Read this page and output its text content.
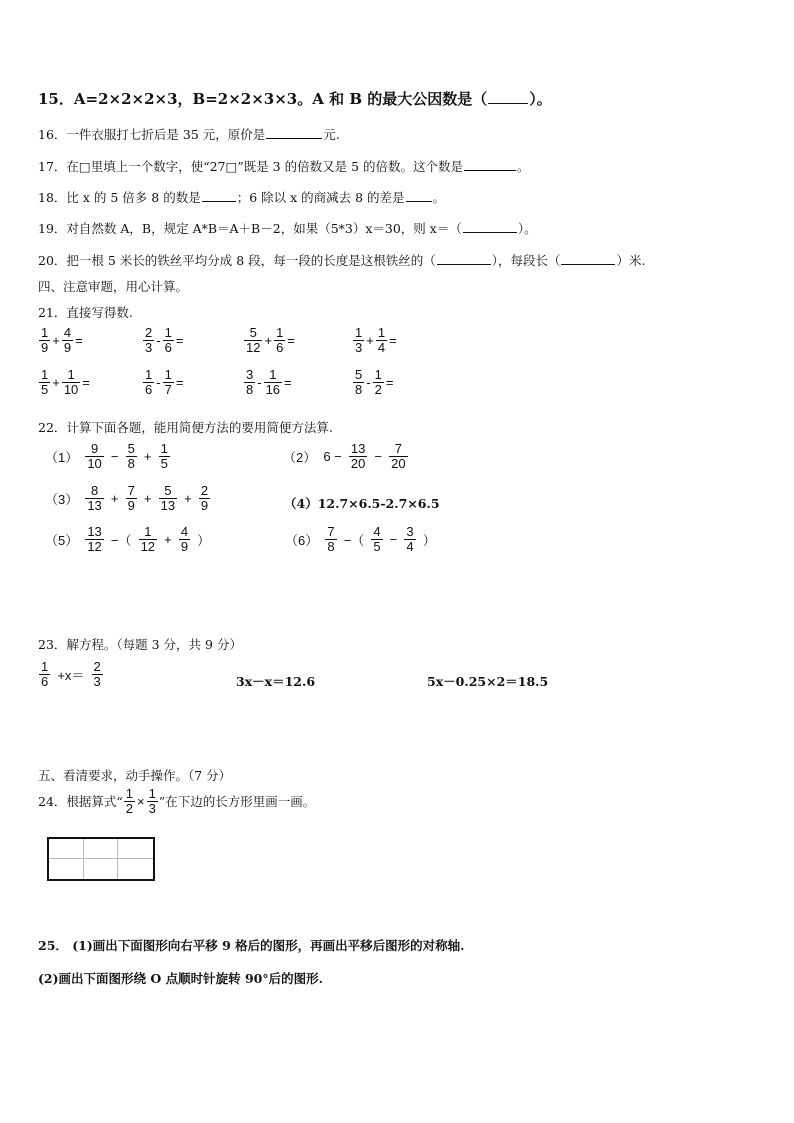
15．A=2×2×2×3，B=2×2×3×3。A 和 B 的最大公因数是（	）。
16．一件衣服打七折后是 35 元，原价是	元.
17．在□里填上一个数字，使“27□”既是 3 的倍数又是 5 的倍数。这个数是	。
18．比 x 的 5 倍多 8 的数是	；6 除以 x 的商减去 8 的差是 。
19．对自然数 A，B，规定 A*B＝A＋B－2，如果（5*3）x＝30，则 x＝（	）。
20．把一根 5 米长的铁丝平均分成 8 段，每一段的长度是这根铁丝的（	），每段长（	）米.
四、注意审题，用心计算。
21．直接写得数.
$\frac{1}{9} + \frac{4}{9}$ =	$\frac{2}{3} - \frac{1}{6}$ =	$\frac{5}{12} + \frac{1}{6}$ =	$\frac{1}{3} + \frac{1}{4}$ =
$\frac{1}{5} + \frac{1}{10}$ =	$\frac{1}{6} - \frac{1}{7}$ =	$\frac{3}{8} - \frac{1}{16}$ =	$\frac{5}{8} - \frac{1}{2}$ =
22．计算下面各题，能用简便方法的要用简便方法算.
$(1) \frac{9}{10} - \frac{5}{8} + \frac{1}{5}$	（2） $6 - \frac{13}{20} - \frac{7}{20}$
$(3) \frac{8}{13} + \frac{7}{9} + \frac{5}{13} + \frac{2}{9}$	（4）12.7×6.5-2.7×6.5
$(5) \frac{13}{12}$ −（ $\frac{1}{12} + \frac{4}{9}$ ）	$(6) \frac{7}{8}$ −（ $\frac{4}{5} - \frac{3}{4}$ ）
23．解方程。（每题 3 分，共 9 分）
$\frac{1}{6} +x= \frac{2}{3}$	3x－x＝12.6	5x－0.25×2＝18.5
五、看清要求，动手操作。（7 分）
24．根据算式“ $\frac{1}{2} \times \frac{1}{3}$ ”在下边的长方形里画一画。
25． (1)画出下面图形向右平移 9 格后的图形，再画出平移后图形的对称轴.
(2)画出下面图形绕 O 点顺时针旋转 90°后的图形.
